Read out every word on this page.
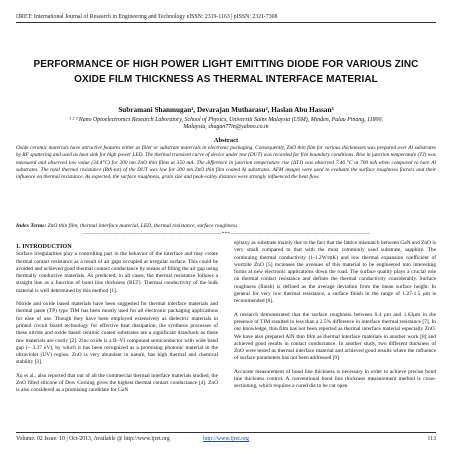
IJRET: International Journal of Research in Engineering and Technology eISSN: 2319-1163 | pISSN: 2321-7308
PERFORMANCE OF HIGH POWER LIGHT EMITTING DIODE FOR VARIOUS ZINC OXIDE FILM THICKNESS AS THERMAL INTERFACE MATERIAL
Subramani Shanmugan¹, Devarajan Mutharasu², Haslan Abu Hassan³
¹ ² ³ Nano Optoelectronics Research Laboratory, School of Physics, Universiti Sains Malaysia (USM), Minden, Pulau Pinang, 11800, Malaysia, shagan77in@yahoo.co.in
Abstract
Oxide ceramic materials have attractive features either as filler or substrate materials in electronic packaging. Consequently, ZnO thin film for various thicknesses was prepared over Al substrates by RF sputtering and used as heat sink for high power LED. The thermal transient curve of device under test (DUT) was recorded for five boundary conditions. Rise in junction temperature (TJ) was measured and observed low value (34.4°C) for 200 nm ZnO thin films at 350 mA. The difference in junction temperature rise (ΔTJ) was observed 7.46 °C at 700 mA when compared to bare Al substrates. The total thermal resistance (Rth-tot) of the DUT was low for 200 nm ZnO thin film coated Al substrates. AFM images were used to evaluate the surface roughness factors and their influence on thermal resistance. As expected, the surface roughness, grain size and peak-valley distance were strongly influenced the heat flow.
Index Terms: ZnO thin film, thermal interface material, LED, thermal resistance, surface roughness
-----------------------------------------------------------------------***-----------------------------------------------------------------------
1. INTRODUCTION

Surface irregularities play a controlling part in the behavior of the interface and may create thermal contact resistance as a result of air gaps occupied at irregular surface. This could be avoided and achieved good thermal contact conductance by means of filling the air gap using thermally conductive materials. As predicted, in all cases, the thermal resistance follows a straight line as a function of bond line thickness (BLT). Thermal conductivity of the bulk material is well determined by this method [1].

Nitride and oxide based materials have been suggested for thermal interface materials and thermal paste (TP) type TIM has been mostly used for all electronic packaging applications for ease of use. Though they have been employed extensively as dielectric materials in printed circuit board technology for effective heat dissipation, the synthesis processes of these nitride and oxide based ceramic coated substrates are a significant drawback as these raw materials are costly [2]. Zinc oxide is a II–VI compound semiconductor with wide band gap (~ 3.37 eV), by which it has been recognized as a promising photonic material in the ultraviolet (UV) region. ZnO is very abundant in nature, has high thermal and chemical stability [3].

Xu et al., also reported that out of all the commercial thermal interface materials studied, the ZnO filled silicone of Dow Corning gives the highest thermal contact conductance [4]. ZnO is also considered as a promising candidate for GaN

epitaxy as substrate mainly due to the fact that the lattice mismatch between GaN and ZnO is very small compared to that with the most commonly used substrate, sapphire. The continuing thermal conductivity (1-1.2W/mK) and low thermal expansion coefficient of wurtzite ZnO [5] increases the avenues of this material to be engineered into interesting forms at new electronic applications down the road. The surface quality plays a crucial role on thermal contact resistance and defines the thermal conductivity considerably. Surface roughness (finish) is defined as the average deviation from the mean surface height. In general for very low thermal resistance, a surface finish in the range of 1.27-1.5 μm is recommended [6].

A research demonstrated that the surface roughness between 0.4 μm and 1.63μm in the presence of TIM resulted in less than a 2.5% difference in interface thermal resistance [7]. In our knowledge, thin film has not been reported as thermal interface material especially ZnO. We have also prepared AlN thin film as thermal interface materials in another work [8] and achieved good results in contact conductance. In another study, two different thickness of ZnO were tested as thermal interface material and achieved good results where the influence of surface parameters has not been addressed [9].

Accurate measurement of bond line thickness is necessary in order to achieve precise bond line thickness control. A conventional bond line thickness measurement method is cross-sectioning, which requires a cured die to be cut open

Volume: 02 Issue: 10 | Oct-2013, Available @ http://www.ijret.org	http://www.ijret.org	113
